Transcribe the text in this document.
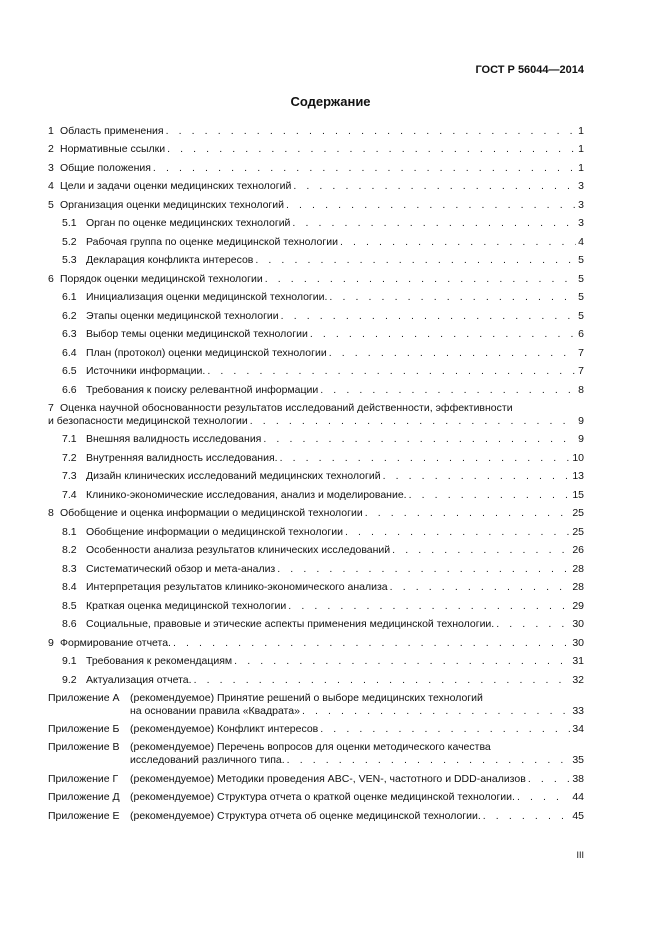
ГОСТ Р 56044—2014
Содержание
1 Область применения . . .	1
2 Нормативные ссылки . . .	1
3 Общие положения . . .	1
4 Цели и задачи оценки медицинских технологий . . .	3
5 Организация оценки медицинских технологий . . .	3
5.1 Орган по оценке медицинских технологий . . .	3
5.2 Рабочая группа по оценке медицинской технологии . . .	4
5.3 Декларация конфликта интересов . . .	5
6 Порядок оценки медицинской технологии . . .	5
6.1 Инициализация оценки медицинской технологии. . . .	5
6.2 Этапы оценки медицинской технологии . . .	5
6.3 Выбор темы оценки медицинской технологии . . .	6
6.4 План (протокол) оценки медицинской технологии . . .	7
6.5 Источники информации. . . .	7
6.6 Требования к поиску релевантной информации . . .	8
7 Оценка научной обоснованности результатов исследований действенности, эффективности
и безопасности медицинской технологии . . .	9
7.1 Внешняя валидность исследования . . .	9
7.2 Внутренняя валидность исследования. . . .	10
7.3 Дизайн клинических исследований медицинских технологий . . .	13
7.4 Клинико-экономические исследования, анализ и моделирование. . . .	15
8 Обобщение и оценка информации о медицинской технологии . . .	25
8.1 Обобщение информации о медицинской технологии . . .	25
8.2 Особенности анализа результатов клинических исследований . . .	26
8.3 Систематический обзор и мета-анализ . . .	28
8.4 Интерпретация результатов клинико-экономического анализа . . .	28
8.5 Краткая оценка медицинской технологии . . .	29
8.6 Социальные, правовые и этические аспекты применения медицинской технологии. . . .	30
9 Формирование отчета. . . .	30
9.1 Требования к рекомендациям . . .	31
9.2 Актуализация отчета. . . .	32
Приложение А (рекомендуемое) Принятие решений о выборе медицинских технологий
на основании правила «Квадрата» . . .	33
Приложение Б	(рекомендуемое) Конфликт интересов . . .	34
Приложение В (рекомендуемое) Перечень вопросов для оценки методического качества
исследований различного типа. . . .	35
Приложение Г	(рекомендуемое) Методики проведения ABC-, VEN-, частотного и DDD-анализов . . .	38
Приложение Д (рекомендуемое) Структура отчета о краткой оценке медицинской технологии. . . .	44
Приложение Е (рекомендуемое) Структура отчета об оценке медицинской технологии. . . .	45
III
